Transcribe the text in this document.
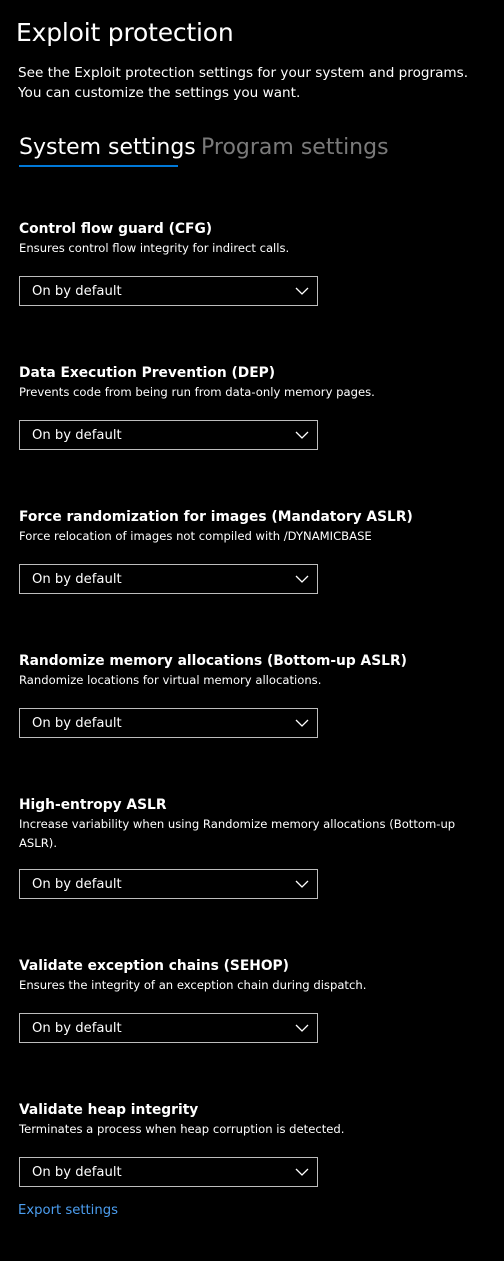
Exploit protection

See the Exploit protection settings for your system and programs. You can customize the settings you want.

System settings Program settings
Control flow guard (CFG)
Ensures control flow integrity for indirect calls.
On by default
Data Execution Prevention (DEP)
Prevents code from being run from data-only memory pages.
On by default
Force randomization for images (Mandatory ASLR)
Force relocation of images not compiled with /DYNAMICBASE
On by default
Randomize memory allocations (Bottom-up ASLR)
Randomize locations for virtual memory allocations.
On by default
High-entropy ASLR
Increase variability when using Randomize memory allocations (Bottom-up ASLR).
On by default
Validate exception chains (SEHOP)
Ensures the integrity of an exception chain during dispatch.
On by default
Validate heap integrity
Terminates a process when heap corruption is detected.
On by default
Export settings
